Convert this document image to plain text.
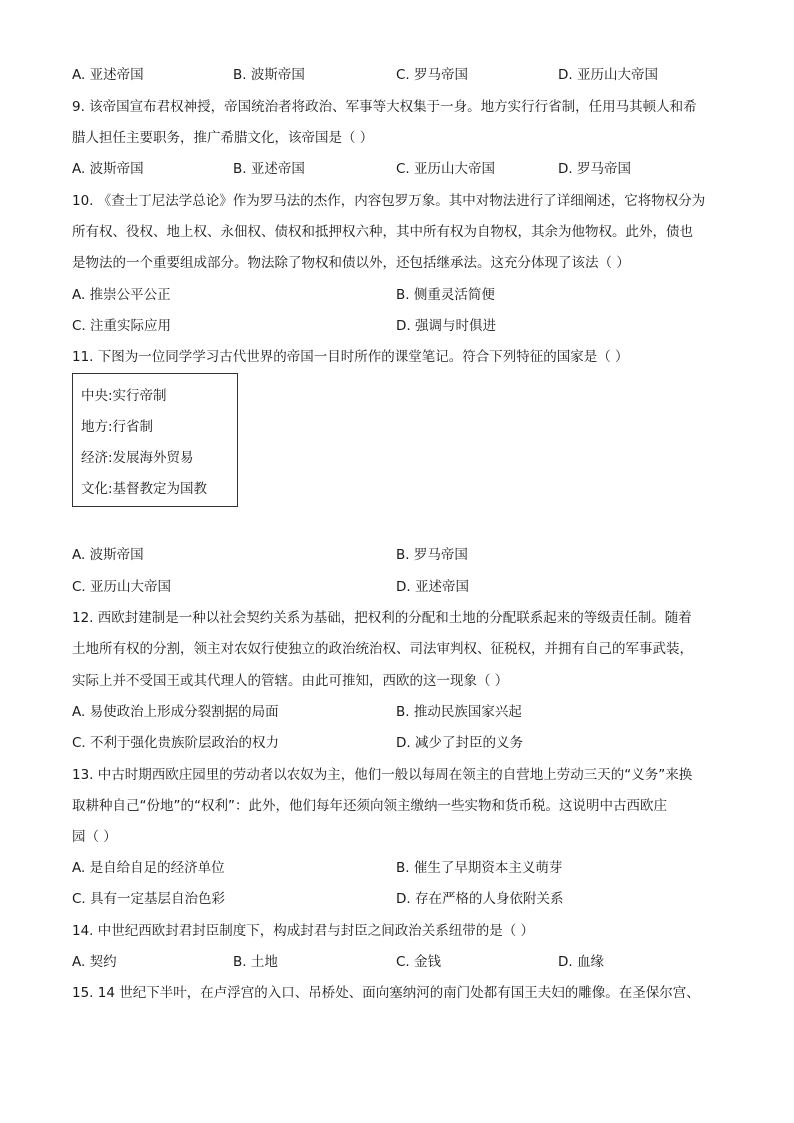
A. 亚述帝国	B. 波斯帝国	C. 罗马帝国	D. 亚历山大帝国
9. 该帝国宣布君权神授，帝国统治者将政治、军事等大权集于一身。地方实行行省制，任用马其顿人和希
腊人担任主要职务，推广希腊文化，该帝国是（ ）
A. 波斯帝国	B. 亚述帝国	C. 亚历山大帝国	D. 罗马帝国
10. 《查士丁尼法学总论》作为罗马法的杰作，内容包罗万象。其中对物法进行了详细阐述，它将物权分为
所有权、役权、地上权、永佃权、债权和抵押权六种，其中所有权为自物权，其余为他物权。此外，债也
是物法的一个重要组成部分。物法除了物权和债以外，还包括继承法。这充分体现了该法（ ）
A. 推崇公平公正	B. 侧重灵活简便
C. 注重实际应用	D. 强调与时俱进
11. 下图为一位同学学习古代世界的帝国一目时所作的课堂笔记。符合下列特征的国家是（ ）
中央:实行帝制
地方:行省制
经济:发展海外贸易
文化:基督教定为国教
A. 波斯帝国	B. 罗马帝国
C. 亚历山大帝国	D. 亚述帝国
12. 西欧封建制是一种以社会契约关系为基础，把权利的分配和土地的分配联系起来的等级责任制。随着
土地所有权的分割，领主对农奴行使独立的政治统治权、司法审判权、征税权，并拥有自己的军事武装，
实际上并不受国王或其代理人的管辖。由此可推知，西欧的这一现象（ ）
A. 易使政治上形成分裂割据的局面	B. 推动民族国家兴起
C. 不利于强化贵族阶层政治的权力	D. 减少了封臣的义务
13. 中古时期西欧庄园里的劳动者以农奴为主，他们一般以每周在领主的自营地上劳动三天的“义务”来换
取耕种自己“份地”的“权利”：此外，他们每年还须向领主缴纳一些实物和货币税。这说明中古西欧庄
园（ ）
A. 是自给自足的经济单位	B. 催生了早期资本主义萌芽
C. 具有一定基层自治色彩	D. 存在严格的人身依附关系
14. 中世纪西欧封君封臣制度下，构成封君与封臣之间政治关系纽带的是（ ）
A. 契约	B. 土地	C. 金钱	D. 血缘
15. 14 世纪下半叶，在卢浮宫的入口、吊桥处、面向塞纳河的南门处都有国王夫妇的雕像。在圣保尔宫、
